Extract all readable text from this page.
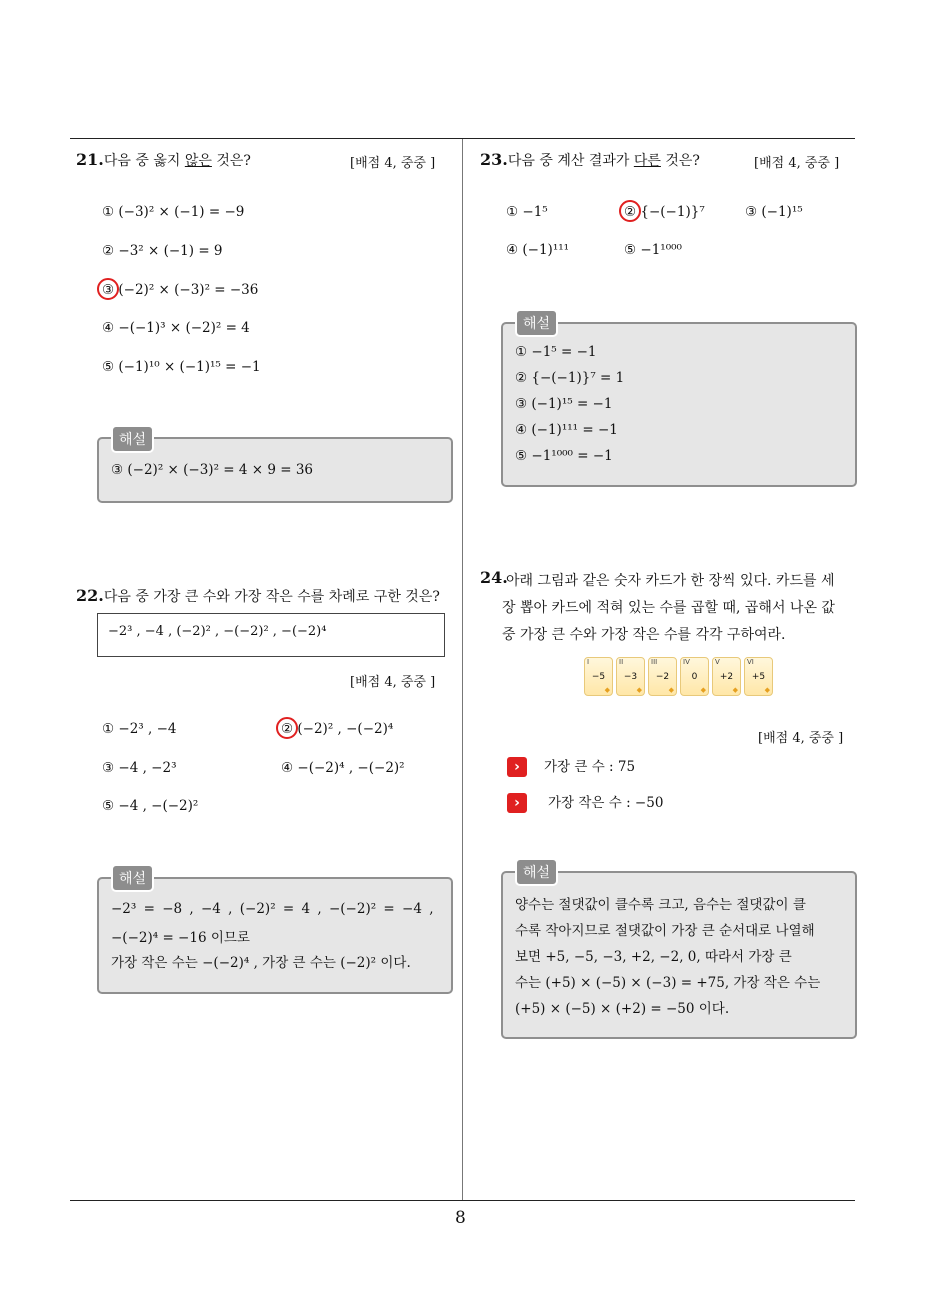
8
21.다음 중 옳지 않은 것은?	[배점 4, 중중 ]
① (−3)² × (−1) = −9
② −3² × (−1) = 9
③ (−2)² × (−3)² = −36
④ −(−1)³ × (−2)² = 4
⑤ (−1)¹⁰ × (−1)¹⁵ = −1
③ (−2)² × (−3)² = 4 × 9 = 36
해설
22.다음 중 가장 큰 수와 가장 작은 수를 차례로 구한 것은?
−2³ , −4 , (−2)² , −(−2)² , −(−2)⁴
[배점 4, 중중 ]
① −2³ , −4	② (−2)² , −(−2)⁴
③ −4 , −2³	④ −(−2)⁴ , −(−2)²
⑤ −4 , −(−2)²
−2³ = −8 , −4 , (−2)² = 4 , −(−2)² = −4 ,
−(−2)⁴ = −16 이므로
가장 작은 수는 −(−2)⁴ , 가장 큰 수는 (−2)² 이다.
해설
23.다음 중 계산 결과가 다른 것은?	[배점 4, 중중 ]
① −1⁵	② {−(−1)}⁷	③ (−1)¹⁵
④ (−1)¹¹¹	⑤ −1¹⁰⁰⁰
① −1⁵ = −1
② {−(−1)}⁷ = 1
③ (−1)¹⁵ = −1
④ (−1)¹¹¹ = −1
⑤ −1¹⁰⁰⁰ = −1
해설
24.
아래 그림과 같은 숫자 카드가 한 장씩 있다. 카드를 세
장 뽑아 카드에 적혀 있는 수를 곱할 때, 곱해서 나온 값
중 가장 큰 수와 가장 작은 수를 각각 구하여라.
I
−5
◆
II
−3
◆
III
−2
◆
IV
0
◆
V
+2
◆
VI
+5
◆
[배점 4, 중중 ]
›	가장 큰 수 : 75
›	가장 작은 수 : −50
양수는 절댓값이 클수록 크고, 음수는 절댓값이 클
수록 작아지므로 절댓값이 가장 큰 순서대로 나열해
보면 +5, −5, −3, +2, −2, 0, 따라서 가장 큰
수는 (+5) × (−5) × (−3) = +75, 가장 작은 수는
(+5) × (−5) × (+2) = −50 이다.
해설
